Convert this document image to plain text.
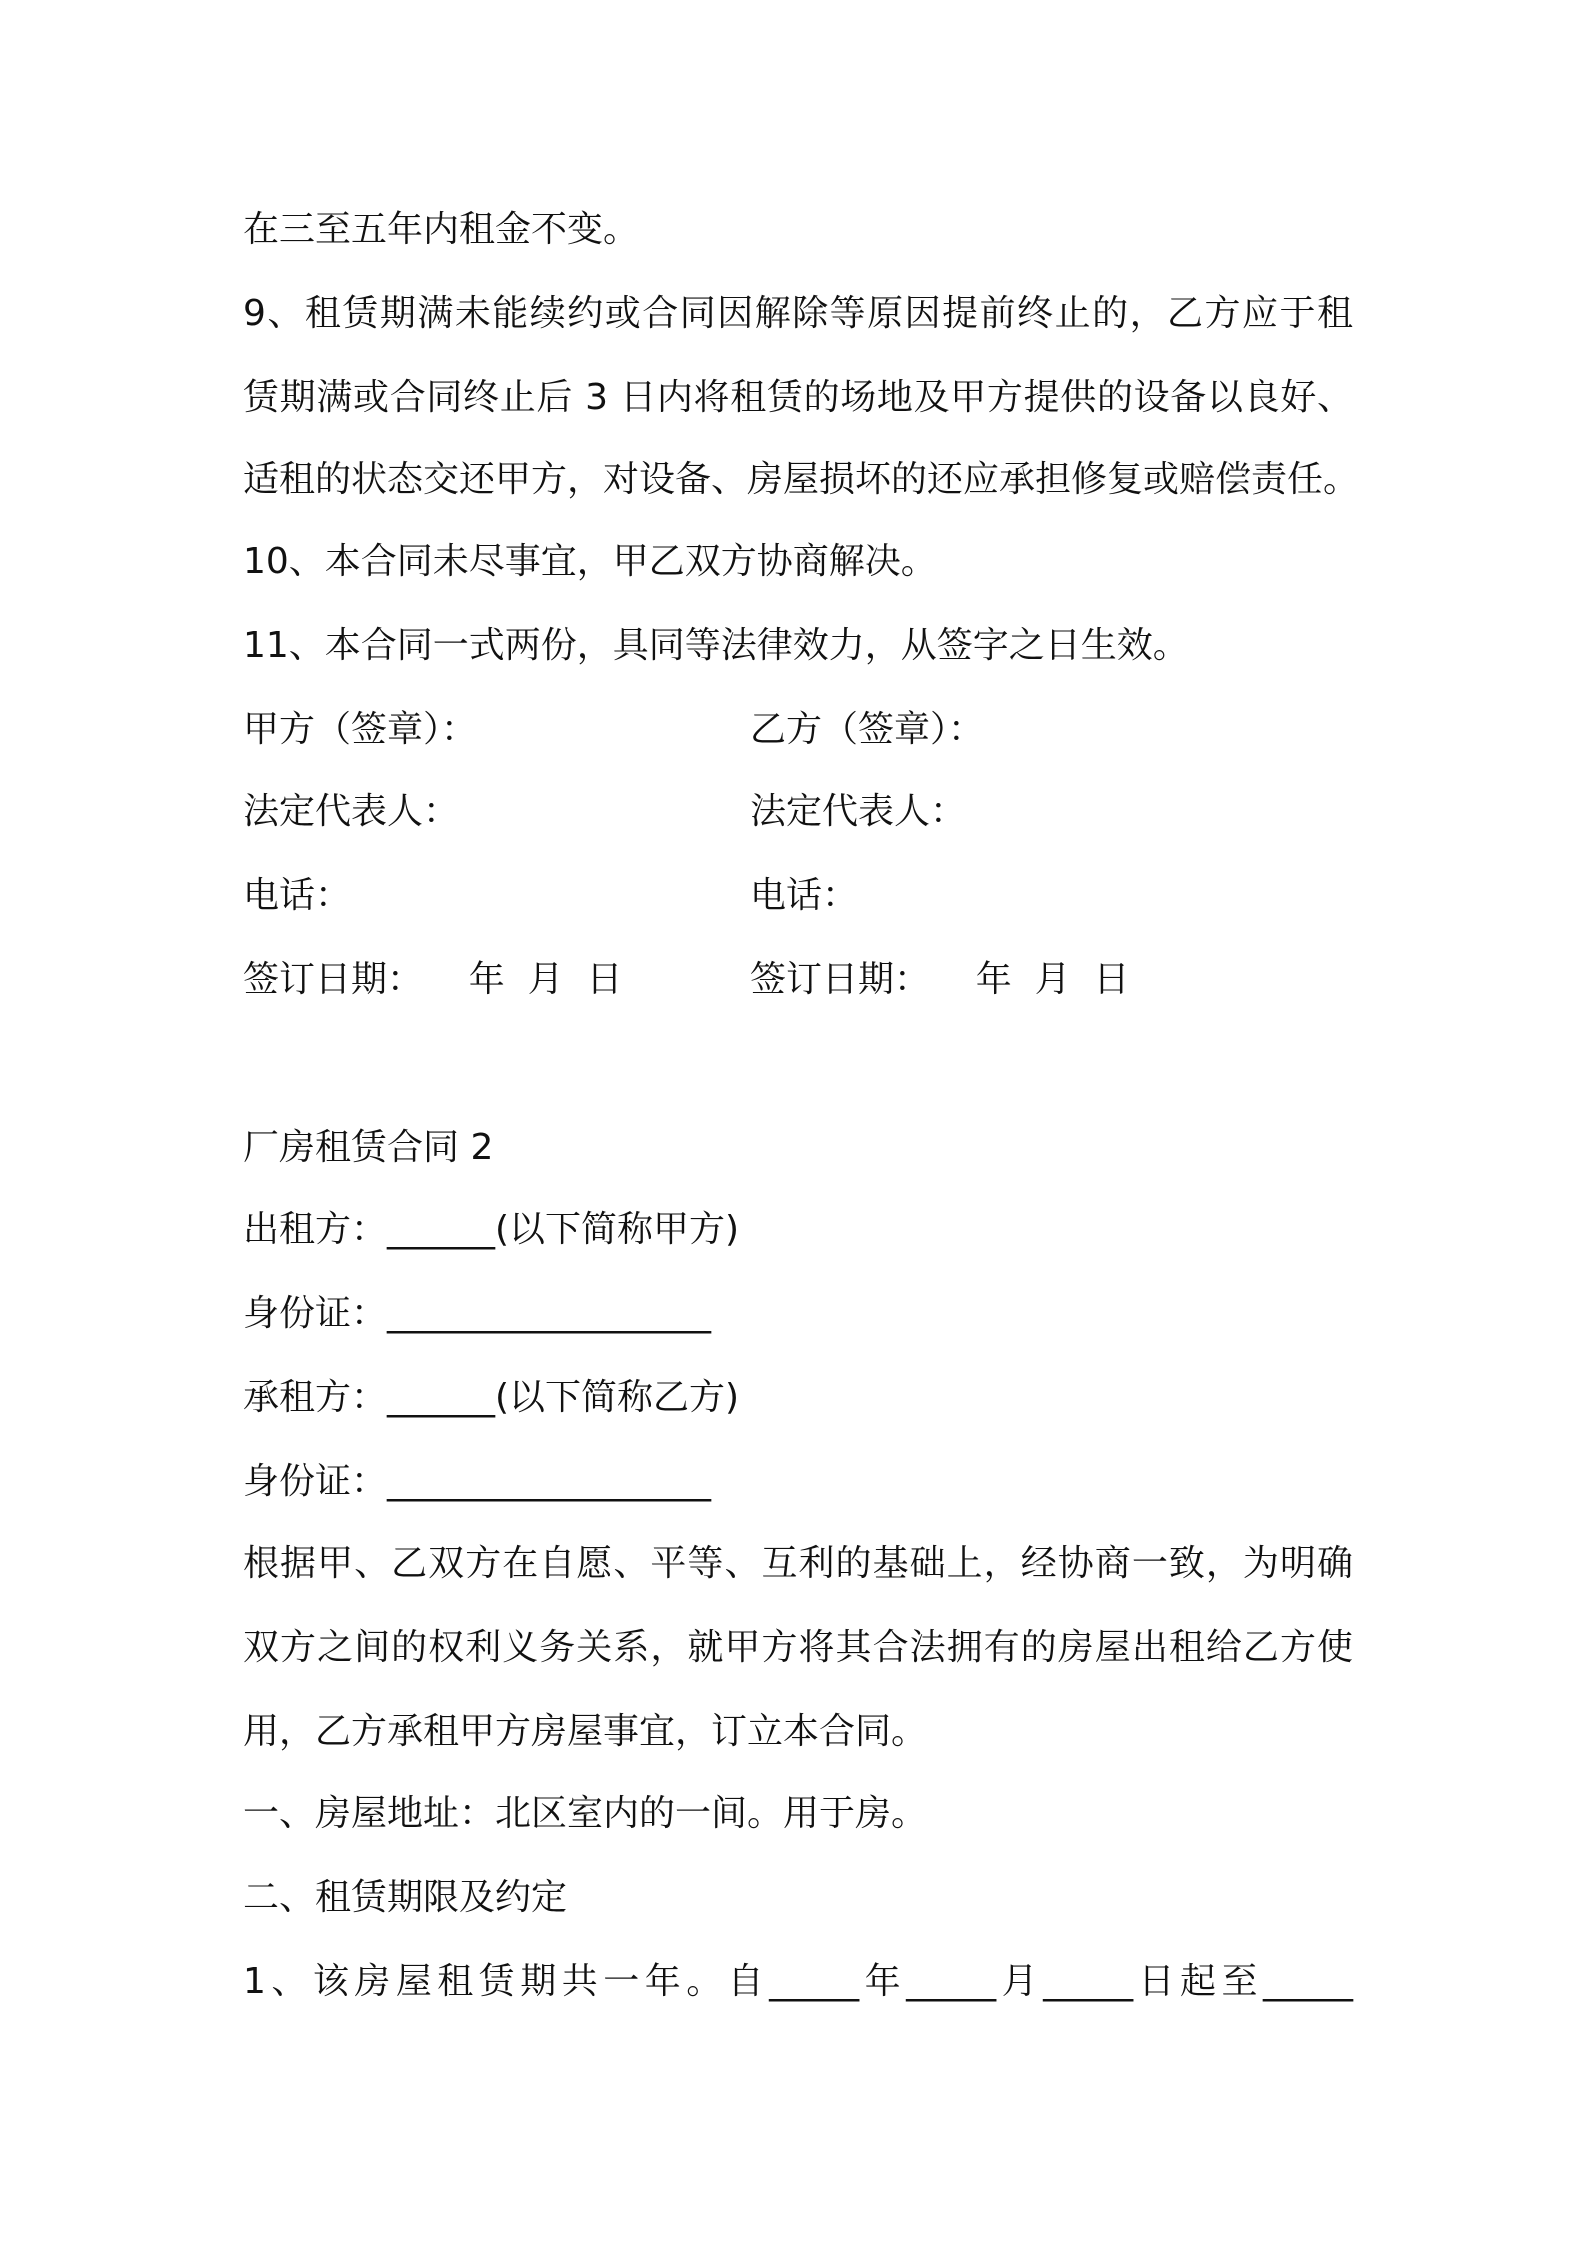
在三至五年内租金不变。
9、租赁期满未能续约或合同因解除等原因提前终止的，乙方应于租
赁期满或合同终止后 3 日内将租赁的场地及甲方提供的设备以良好、
适租的状态交还甲方，对设备、房屋损坏的还应承担修复或赔偿责任。
10、本合同未尽事宜，甲乙双方协商解决。
11、本合同一式两份，具同等法律效力，从签字之日生效。
甲方（签章）：	乙方（签章）：
法定代表人：	法定代表人：
电话：	电话：
签订日期：    年  月  日	签订日期：    年  月  日
厂房租赁合同 2
出租方：______(以下简称甲方)
身份证：__________________
承租方：______(以下简称乙方)
身份证：__________________
根据甲、乙双方在自愿、平等、互利的基础上，经协商一致，为明确
双方之间的权利义务关系，就甲方将其合法拥有的房屋出租给乙方使
用，乙方承租甲方房屋事宜，订立本合同。
一、房屋地址：北区室内的一间。用于房。
二、租赁期限及约定
1、该房屋租赁期共一年。自_____年_____月_____日起至_____
